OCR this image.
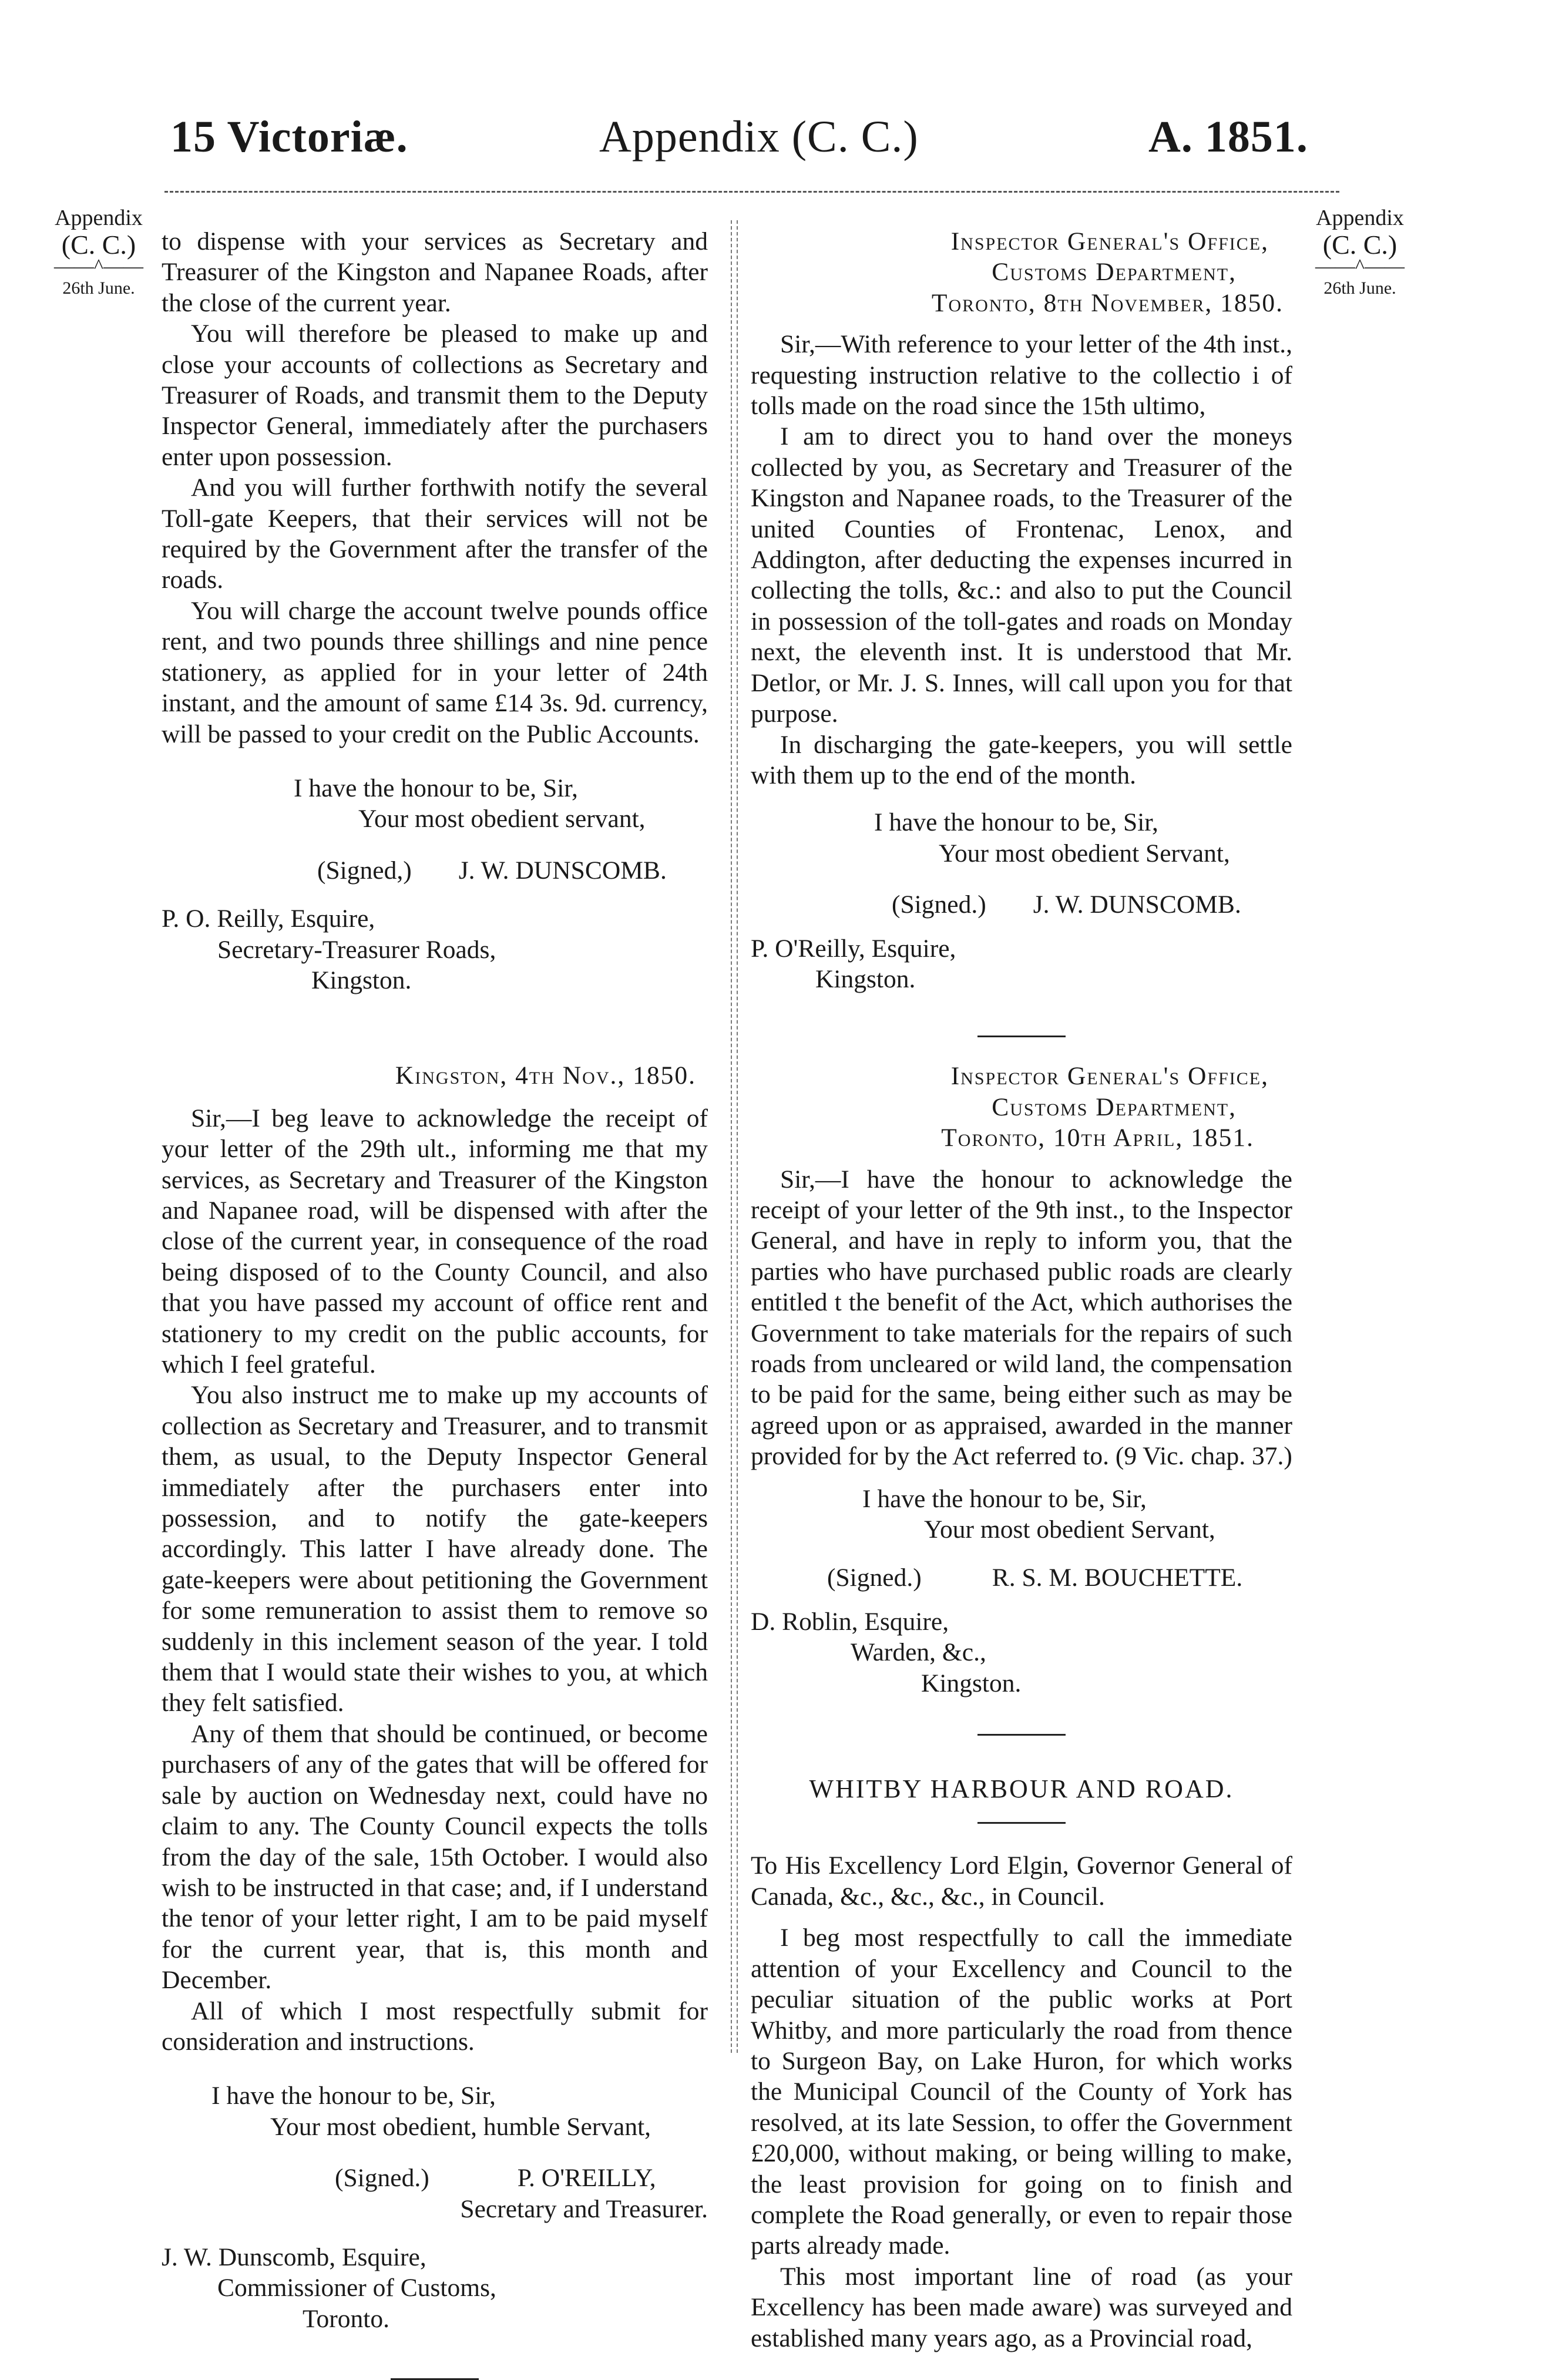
15 Victoriæ.	Appendix (C. C.)	A. 1851.
Appendix
(C. C.)
——^——
26th June.
Appendix
(C. C.)
——^——
26th June.

to dispense with your services as Secretary and Treasurer of the Kingston and Napanee Roads, after the close of the current year.

You will therefore be pleased to make up and close your accounts of collections as Secretary and Treasurer of Roads, and transmit them to the Deputy Inspector General, immediately after the purchasers enter upon possession.

And you will further forthwith notify the several Toll-gate Keepers, that their services will not be required by the Government after the transfer of the roads.

You will charge the account twelve pounds office rent, and two pounds three shillings and nine pence stationery, as applied for in your letter of 24th instant, and the amount of same £14 3s. 9d. currency, will be passed to your credit on the Public Accounts.

I have the honour to be, Sir,
Your most obedient servant,
(Signed,)	J. W. DUNSCOMB.
P. O. Reilly, Esquire,
Secretary-Treasurer Roads,
Kingston.
Kingston, 4th Nov., 1850.

Sir,—I beg leave to acknowledge the receipt of your letter of the 29th ult., informing me that my services, as Secretary and Treasurer of the Kingston and Napanee road, will be dispensed with after the close of the current year, in consequence of the road being disposed of to the County Council, and also that you have passed my account of office rent and stationery to my credit on the public accounts, for which I feel grateful.

You also instruct me to make up my accounts of collection as Secretary and Treasurer, and to transmit them, as usual, to the Deputy Inspector General immediately after the purchasers enter into possession, and to notify the gate-keepers accordingly. This latter I have already done. The gate-keepers were about petitioning the Government for some remuneration to assist them to remove so suddenly in this inclement season of the year. I told them that I would state their wishes to you, at which they felt satisfied.

Any of them that should be continued, or become purchasers of any of the gates that will be offered for sale by auction on Wednesday next, could have no claim to any. The County Council expects the tolls from the day of the sale, 15th October. I would also wish to be instructed in that case; and, if I understand the tenor of your letter right, I am to be paid myself for the current year, that is, this month and December.

All of which I most respectfully submit for consideration and instructions.

I have the honour to be, Sir,
Your most obedient, humble Servant,
(Signed.)	P. O'REILLY,
Secretary and Treasurer.
J. W. Dunscomb, Esquire,
Commissioner of Customs,
Toronto.
Inspector General's Office,
Customs Department,
Toronto, 8th November, 1850.

Sir,—With reference to your letter of the 4th inst., requesting instruction relative to the collectio i of tolls made on the road since the 15th ultimo,

I am to direct you to hand over the moneys collected by you, as Secretary and Treasurer of the Kingston and Napanee roads, to the Treasurer of the united Counties of Frontenac, Lenox, and Addington, after deducting the expenses incurred in collecting the tolls, &c.: and also to put the Council in possession of the toll-gates and roads on Monday next, the eleventh inst. It is understood that Mr. Detlor, or Mr. J. S. Innes, will call upon you for that purpose.

In discharging the gate-keepers, you will settle with them up to the end of the month.

I have the honour to be, Sir,
Your most obedient Servant,
(Signed.)	J. W. DUNSCOMB.
P. O'Reilly, Esquire,
Kingston.
Inspector General's Office,
Customs Department,
Toronto, 10th April, 1851.

Sir,—I have the honour to acknowledge the receipt of your letter of the 9th inst., to the Inspector General, and have in reply to inform you, that the parties who have purchased public roads are clearly entitled t the benefit of the Act, which authorises the Government to take materials for the repairs of such roads from uncleared or wild land, the compensation to be paid for the same, being either such as may be agreed upon or as appraised, awarded in the manner provided for by the Act referred to. (9 Vic. chap. 37.)

I have the honour to be, Sir,
Your most obedient Servant,
(Signed.)	R. S. M. BOUCHETTE.
D. Roblin, Esquire,
Warden, &c.,
Kingston.
WHITBY HARBOUR AND ROAD.

To His Excellency Lord Elgin, Governor General of Canada, &c., &c., &c., in Council.

I beg most respectfully to call the immediate attention of your Excellency and Council to the peculiar situation of the public works at Port Whitby, and more particularly the road from thence to Surgeon Bay, on Lake Huron, for which works the Municipal Council of the County of York has resolved, at its late Session, to offer the Government £20,000, without making, or being willing to make, the least provision for going on to finish and complete the Road generally, or even to repair those parts already made.

This most important line of road (as your Excellency has been made aware) was surveyed and established many years ago, as a Provincial road,
